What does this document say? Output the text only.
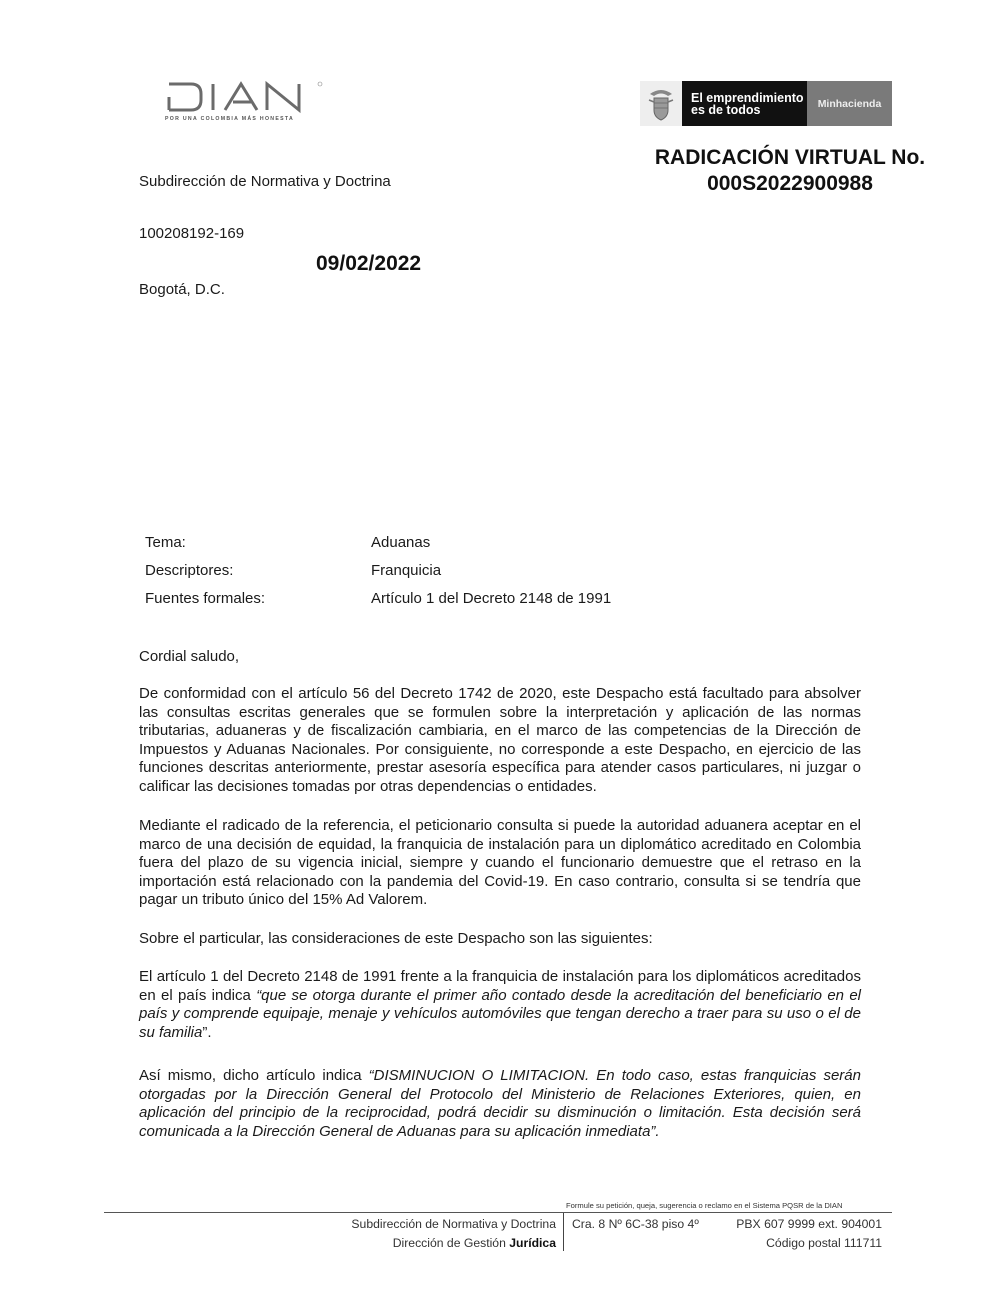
POR UNA COLOMBIA MÁS HONESTA
El emprendimiento
es de todos	Minhacienda
RADICACIÓN VIRTUAL No.
000S2022900988
Subdirección de Normativa y Doctrina
100208192-169
09/02/2022
Bogotá, D.C.
Tema:	Aduanas
Descriptores:	Franquicia
Fuentes formales:	Artículo 1 del Decreto 2148 de 1991

Cordial saludo,

De conformidad con el artículo 56 del Decreto 1742 de 2020, este Despacho está facultado para absolver las consultas escritas generales que se formulen sobre la interpretación y aplicación de las normas tributarias, aduaneras y de fiscalización cambiaria, en el marco de las competencias de la Dirección de Impuestos y Aduanas Nacionales. Por consiguiente, no corresponde a este Despacho, en ejercicio de las funciones descritas anteriormente, prestar asesoría específica para atender casos particulares, ni juzgar o calificar las decisiones tomadas por otras dependencias o entidades.

Mediante el radicado de la referencia, el peticionario consulta si puede la autoridad aduanera aceptar en el marco de una decisión de equidad, la franquicia de instalación para un diplomático acreditado en Colombia fuera del plazo de su vigencia inicial, siempre y cuando el funcionario demuestre que el retraso en la importación está relacionado con la pandemia del Covid-19. En caso contrario, consulta si se tendría que pagar un tributo único del 15% Ad Valorem.

Sobre el particular, las consideraciones de este Despacho son las siguientes:

El artículo 1 del Decreto 2148 de 1991 frente a la franquicia de instalación para los diplomáticos acreditados en el país indica “que se otorga durante el primer año contado desde la acreditación del beneficiario en el país y comprende equipaje, menaje y vehículos automóviles que tengan derecho a traer para su uso o el de su familia”.

Así mismo, dicho artículo indica “DISMINUCION O LIMITACION. En todo caso, estas franquicias serán otorgadas por la Dirección General del Protocolo del Ministerio de Relaciones Exteriores, quien, en aplicación del principio de la reciprocidad, podrá decidir su disminución o limitación. Esta decisión será comunicada a la Dirección General de Aduanas para su aplicación inmediata”.

Formule su petición, queja, sugerencia o reclamo en el Sistema PQSR de la DIAN
Subdirección de Normativa y Doctrina
Dirección de Gestión Jurídica
Cra. 8 Nº 6C-38 piso 4º	PBX 607 9999 ext. 904001
Código postal 111711
